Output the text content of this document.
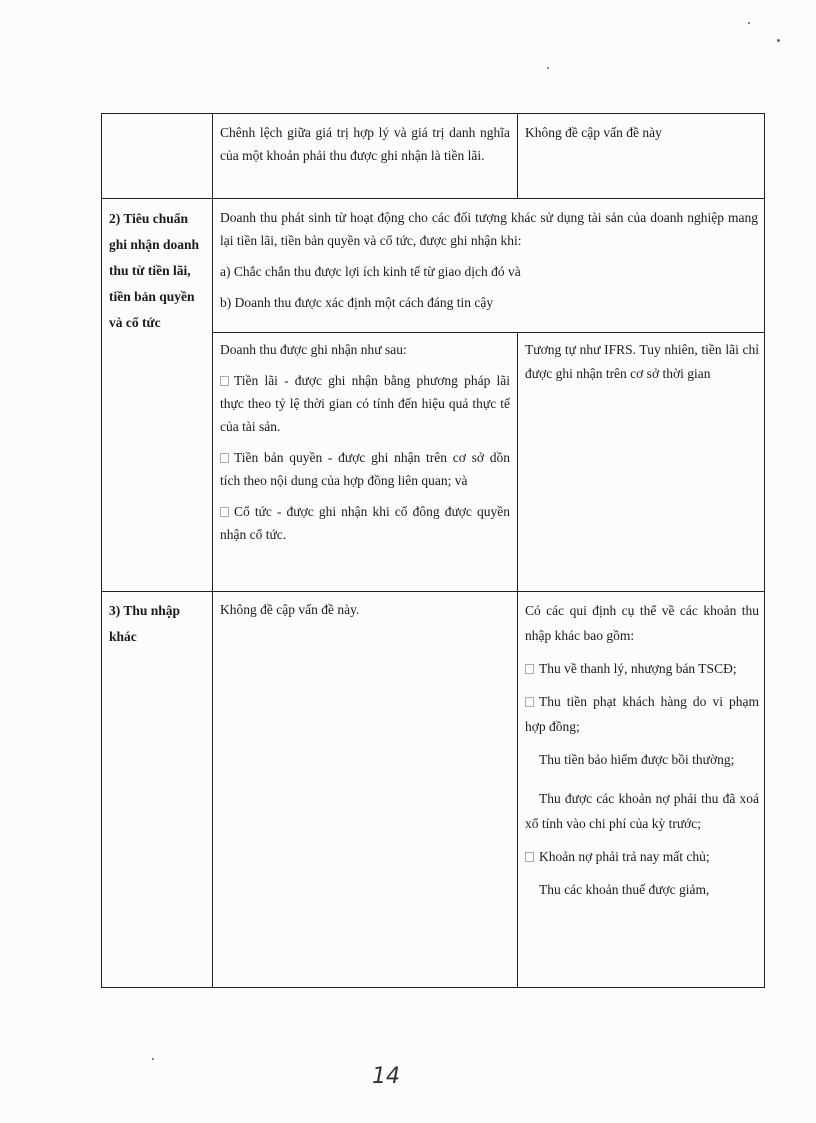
Chênh lệch giữa giá trị hợp lý và giá trị danh nghĩa của một khoản phải thu được ghi nhận là tiền lãi.

Không đề cập vấn đề này

2) Tiêu chuẩn ghi nhận doanh thu từ tiền lãi, tiền bản quyền và cổ tức

Doanh thu phát sinh từ hoạt động cho các đối tượng khác sử dụng tài sản của doanh nghiệp mang lại tiền lãi, tiền bản quyền và cổ tức, được ghi nhận khi:

a) Chắc chắn thu được lợi ích kinh tế từ giao dịch đó và

b) Doanh thu được xác định một cách đáng tin cậy

Doanh thu được ghi nhận như sau:

Tiền lãi - được ghi nhận bằng phương pháp lãi thực theo tỷ lệ thời gian có tính đến hiệu quả thực tế của tài sản.

Tiền bản quyền - được ghi nhận trên cơ sở dồn tích theo nội dung của hợp đồng liên quan; và

Cổ tức - được ghi nhận khi cổ đông được quyền nhận cổ tức.

Tương tự như IFRS. Tuy nhiên, tiền lãi chỉ được ghi nhận trên cơ sở thời gian

3) Thu nhập khác

Không đề cập vấn đề này.	Có các qui định cụ thể về các khoản thu nhập khác bao gồm:

Thu về thanh lý, nhượng bán TSCĐ;

Thu tiền phạt khách hàng do vi phạm hợp đồng;

Thu tiền bảo hiểm được bồi thường;

Thu được các khoản nợ phải thu đã xoá xổ tính vào chi phí của kỳ trước;

Khoản nợ phải trả nay mất chủ;

Thu các khoản thuế được giảm,

14
